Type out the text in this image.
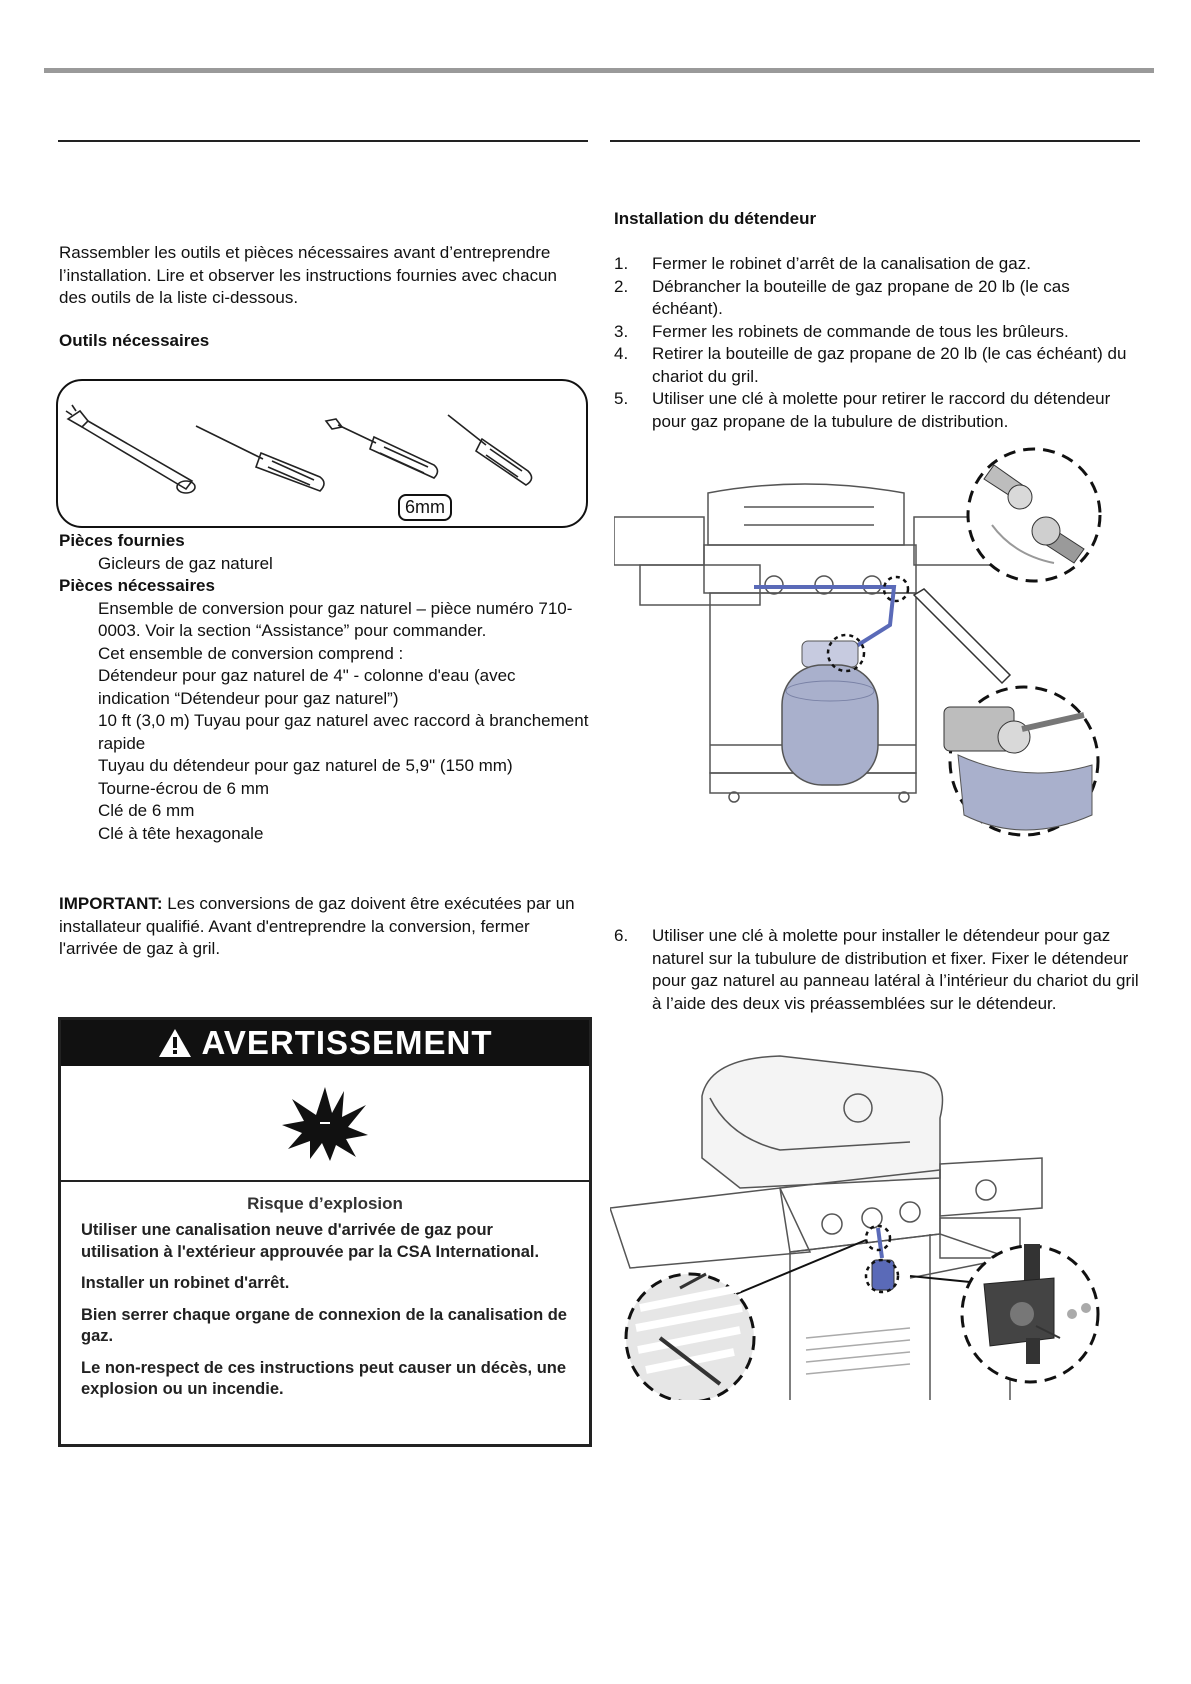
Rassembler les outils et pièces nécessaires avant d’entreprendre l’installation. Lire et observer les instructions fournies avec chacun des outils de la liste ci-dessous.
Outils nécessaires
6mm
Pièces fournies
Gicleurs de gaz naturel
Pièces nécessaires
Ensemble de conversion pour gaz naturel – pièce numéro 710-0003. Voir la section “Assistance” pour commander.
Cet ensemble de conversion comprend :
Détendeur pour gaz naturel de 4" - colonne d'eau (avec indication “Détendeur pour gaz naturel”)
10 ft (3,0 m) Tuyau pour gaz naturel avec raccord à branchement rapide
Tuyau du détendeur pour gaz naturel de 5,9" (150 mm)
Tourne-écrou de 6 mm
Clé de 6 mm
Clé à tête hexagonale
IMPORTANT: Les conversions de gaz doivent être exécutées par un installateur qualifié. Avant d'entreprendre la conversion, fermer l'arrivée de gaz à gril.
AVERTISSEMENT
Risque d’explosion

Utiliser une canalisation neuve d'arrivée de gaz pour utilisation à l'extérieur approuvée par la CSA International.

Installer un robinet d'arrêt.

Bien serrer chaque organe de connexion de la canalisation de gaz.

Le non-respect de ces instructions peut causer un décès, une explosion ou un incendie.

Installation du détendeur
1. Fermer le robinet d’arrêt de la canalisation de gaz.
2. Débrancher la bouteille de gaz propane de 20 lb (le cas échéant).
3. Fermer les robinets de commande de tous les brûleurs.
4. Retirer la bouteille de gaz propane de 20 lb (le cas échéant) du chariot du gril.
5. Utiliser une clé à molette pour retirer le raccord du détendeur pour gaz propane de la tubulure de distribution.
6. Utiliser une clé à molette pour installer le détendeur pour gaz naturel sur la tubulure de distribution et fixer. Fixer le détendeur pour gaz naturel au panneau latéral à l’intérieur du chariot du gril à l’aide des deux vis préassemblées sur le détendeur.
